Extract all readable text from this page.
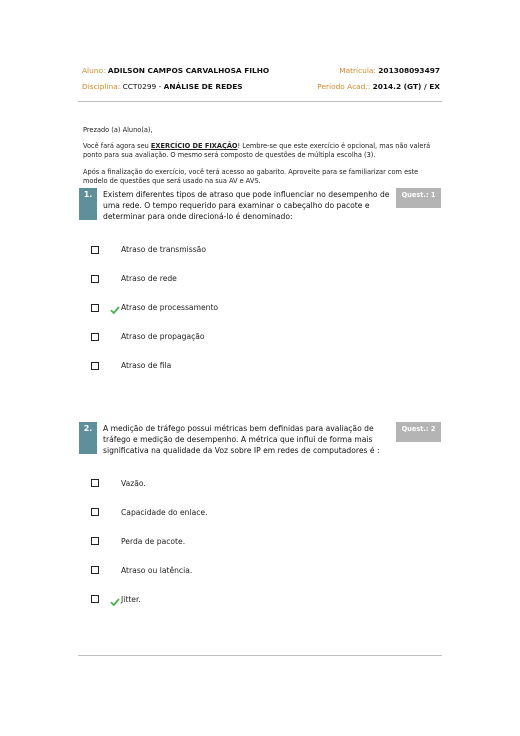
Aluno: ADILSON CAMPOS CARVALHOSA FILHO	Matrícula: 201308093497
Disciplina: CCT0299 - ANÁLISE DE REDES	Período Acad.: 2014.2 (GT) / EX
Prezado (a) Aluno(a),
Você fará agora seu EXERCÍCIO DE FIXAÇÃO! Lembre-se que este exercício é opcional, mas não valerá
ponto para sua avaliação. O mesmo será composto de questões de múltipla escolha (3).
Após a finalização do exercício, você terá acesso ao gabarito. Aproveite para se familiarizar com este
modelo de questões que será usado na sua AV e AVS.
1.	Existem diferentes tipos de atraso que pode influenciar no desempenho de
uma rede. O tempo requerido para examinar o cabeçalho do pacote e
determinar para onde direcioná-lo é denominado:
Quest.: 1
Atraso de transmissão
Atraso de rede
Atraso de processamento
Atraso de propagação
Atraso de fila
2.	A medição de tráfego possui métricas bem definidas para avaliação de
tráfego e medição de desempenho. A métrica que influi de forma mais
significativa na qualidade da Voz sobre IP em redes de computadores é :
Quest.: 2
Vazão.
Capacidade do enlace.
Perda de pacote.
Atraso ou latência.
Jitter.
